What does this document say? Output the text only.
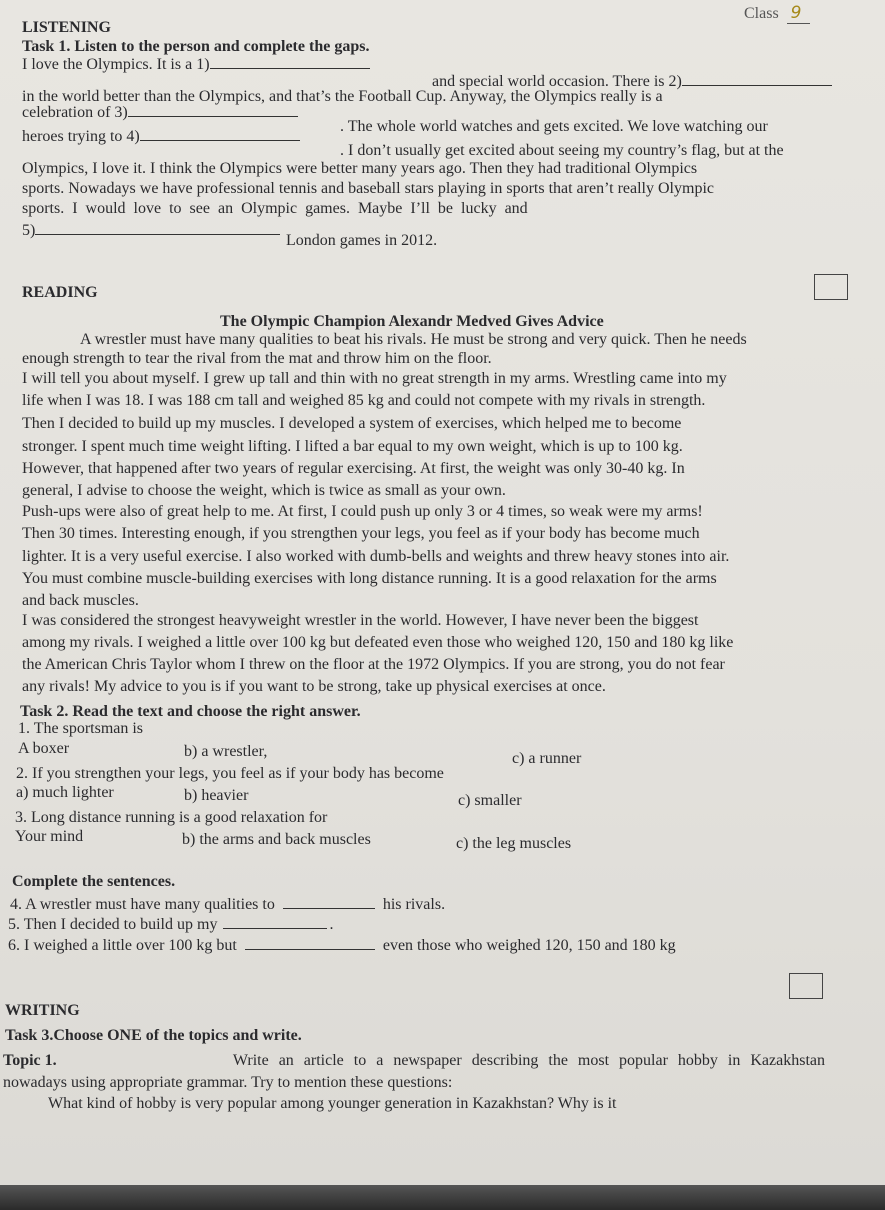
Class 9
LISTENING
Task 1. Listen to the person and complete the gaps.
I love the Olympics. It is a 1)
and special world occasion. There is 2)
in the world better than the Olympics, and that’s the Football Cup. Anyway, the Olympics really is a
celebration of 3)
. The whole world watches and gets excited. We love watching our
heroes trying to 4)
. I don’t usually get excited about seeing my country’s flag, but at the
Olympics, I love it. I think the Olympics were better many years ago. Then they had traditional Olympics
sports. Nowadays we have professional tennis and baseball stars playing in sports that aren’t really Olympic
sports. I would love to see an Olympic games. Maybe I’ll be lucky and
5)
London games in 2012.
READING
The Olympic Champion Alexandr Medved Gives Advice
A wrestler must have many qualities to beat his rivals. He must be strong and very quick. Then he needs
enough strength to tear the rival from the mat and throw him on the floor.
I will tell you about myself. I grew up tall and thin with no great strength in my arms. Wrestling came into my
life when I was 18. I was 188 cm tall and weighed 85 kg and could not compete with my rivals in strength.
Then I decided to build up my muscles. I developed a system of exercises, which helped me to become
stronger. I spent much time weight lifting. I lifted a bar equal to my own weight, which is up to 100 kg.
However, that happened after two years of regular exercising. At first, the weight was only 30-40 kg. In
general, I advise to choose the weight, which is twice as small as your own.
Push-ups were also of great help to me. At first, I could push up only 3 or 4 times, so weak were my arms!
Then 30 times. Interesting enough, if you strengthen your legs, you feel as if your body has become much
lighter. It is a very useful exercise. I also worked with dumb-bells and weights and threw heavy stones into air.
You must combine muscle-building exercises with long distance running. It is a good relaxation for the arms
and back muscles.
I was considered the strongest heavyweight wrestler in the world. However, I have never been the biggest
among my rivals. I weighed a little over 100 kg but defeated even those who weighed 120, 150 and 180 kg like
the American Chris Taylor whom I threw on the floor at the 1972 Olympics. If you are strong, you do not fear
any rivals! My advice to you is if you want to be strong, take up physical exercises at once.
Task 2. Read the text and choose the right answer.
1. The sportsman is
A boxer	b) a wrestler,	c) a runner
2. If you strengthen your legs, you feel as if your body has become
a) much lighter	b) heavier	c) smaller
3. Long distance running is a good relaxation for
Your mind	b) the arms and back muscles	c) the leg muscles
Complete the sentences.
4. A wrestler must have many qualities to	his rivals.
5. Then I decided to build up my	.
6. I weighed a little over 100 kg but	even those who weighed 120, 150 and 180 kg
WRITING
Task 3.Choose ONE of the topics and write.
Topic 1.	Write an article to a newspaper describing the most popular hobby in Kazakhstan
nowadays using appropriate grammar. Try to mention these questions:
What kind of hobby is very popular among younger generation in Kazakhstan? Why is it
